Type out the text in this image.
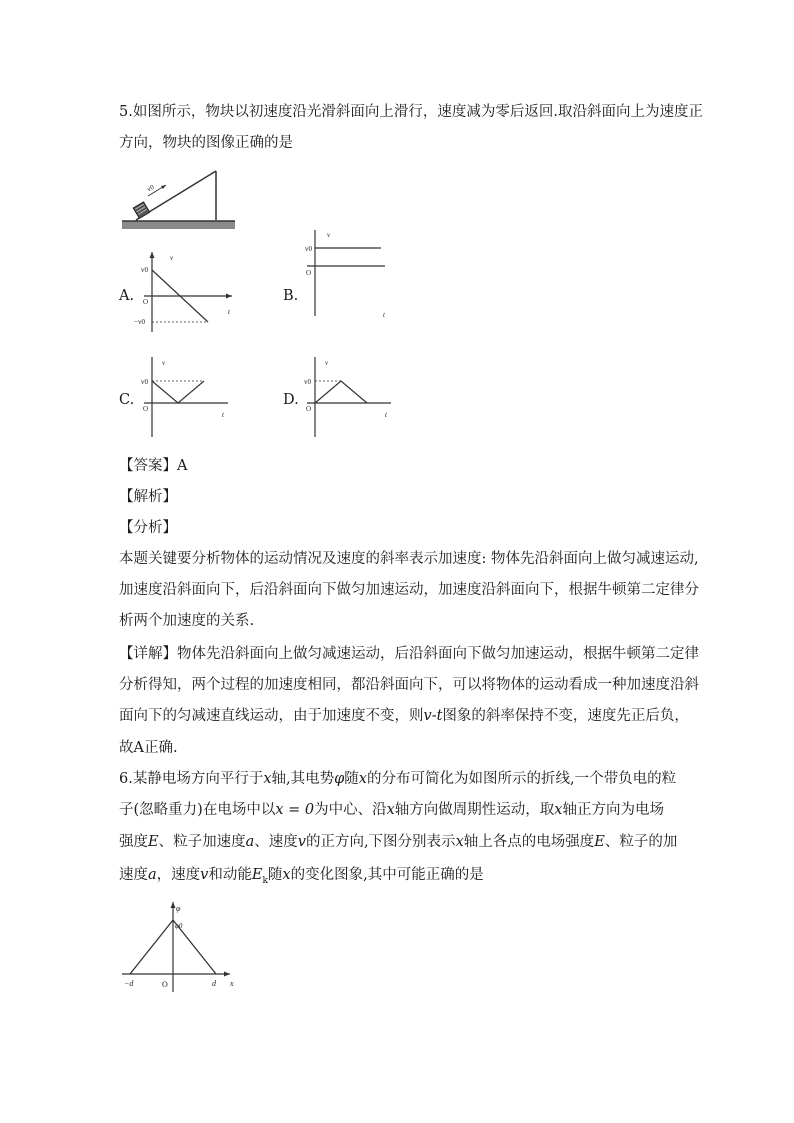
5.如图所示，物块以初速度沿光滑斜面向上滑行，速度减为零后返回.取沿斜面向上为速度正
方向，物块的图像正确的是
v0
A.
v
v0
O
−v0
t
B.
v
v0
O
t
C.
v
v0
O
t
D.
v
v0
O
t
【答案】A
【解析】
【分析】
本题关键要分析物体的运动情况及速度的斜率表示加速度: 物体先沿斜面向上做匀减速运动,
加速度沿斜面向下，后沿斜面向下做匀加速运动，加速度沿斜面向下，根据牛顿第二定律分
析两个加速度的关系.
【详解】物体先沿斜面向上做匀减速运动，后沿斜面向下做匀加速运动，根据牛顿第二定律
分析得知，两个过程的加速度相同，都沿斜面向下，可以将物体的运动看成一种加速度沿斜
面向下的匀减速直线运动，由于加速度不变，则v-t图象的斜率保持不变，速度先正后负，
故A正确.
6.某静电场方向平行于x轴,其电势φ随x的分布可简化为如图所示的折线,一个带负电的粒
子(忽略重力)在电场中以x = 0为中心、沿x轴方向做周期性运动，取x轴正方向为电场
强度E、粒子加速度a、速度v的正方向,下图分别表示x轴上各点的电场强度E、粒子的加
速度a，速度v和动能$E_k$随x的变化图象,其中可能正确的是
φ
φ0
−d	O	d x
